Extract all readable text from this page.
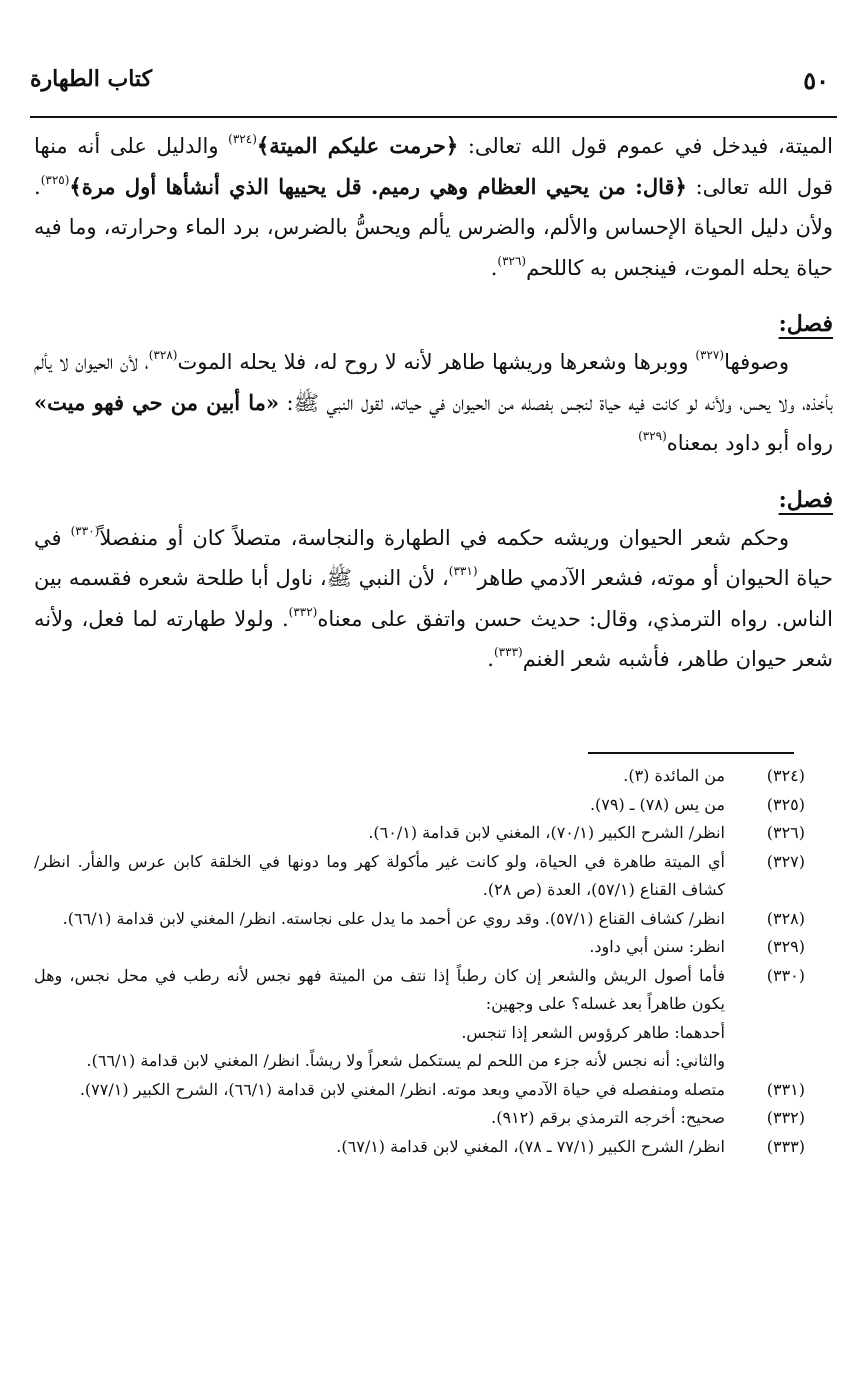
كتاب الطهارة	٥٠

الميتة، فيدخل في عموم قول الله تعالى: ﴿حرمت عليكم الميتة﴾$^{(٣٢٤)}$ والدليل على أنه منها قول الله تعالى: ﴿قال: من يحيي العظام وهي رميم. قل يحييها الذي أنشأها أول مرة﴾$^{(٣٢٥)}$. ولأن دليل الحياة الإحساس والألم، والضرس يألم ويحسُّ بالضرس، برد الماء وحرارته، وما فيه حياة يحله الموت، فينجس به كاللحم$^{(٣٢٦)}$.

فصل:

وصوفها$^{(٣٢٧)}$ ووبرها وشعرها وريشها طاهر لأنه لا روح له، فلا يحله الموت$^{(٣٢٨)}$، لأن الحيوان لا يألم بأخذه، ولا يحس، ولأنه لو كانت فيه حياة لنجس بفصله من الحيوان في حياته، لقول النبي ﷺ: «ما أبين من حي فهو ميت» رواه أبو داود بمعناه$^{(٣٢٩)}$

فصل:

وحكم شعر الحيوان وريشه حكمه في الطهارة والنجاسة، متصلاً كان أو منفصلاً$^{(٣٣٠)}$ في حياة الحيوان أو موته، فشعر الآدمي طاهر$^{(٣٣١)}$، لأن النبي ﷺ، ناول أبا طلحة شعره فقسمه بين الناس. رواه الترمذي، وقال: حديث حسن واتفق على معناه$^{(٣٣٢)}$. ولولا طهارته لما فعل، ولأنه شعر حيوان طاهر، فأشبه شعر الغنم$^{(٣٣٣)}$.

(٣٢٤)

من المائدة (٣).

(٣٢٥)

من يس (٧٨) ـ (٧٩).

(٣٢٦)

انظر/ الشرح الكبير (٧٠/١)، المغني لابن قدامة (٦٠/١).

(٣٢٧)

أي الميتة طاهرة في الحياة، ولو كانت غير مأكولة كهر وما دونها في الخلقة كابن عرس والفأر. انظر/ كشاف القناع (٥٧/١)، العدة (ص ٢٨).

(٣٢٨)

انظر/ كشاف القناع (٥٧/١). وقد روي عن أحمد ما يدل على نجاسته. انظر/ المغني لابن قدامة (٦٦/١).

(٣٢٩)

انظر: سنن أبي داود.

(٣٣٠)

فأما أصول الريش والشعر إن كان رطباً إذا نتف من الميتة فهو نجس لأنه رطب في محل نجس، وهل يكون طاهراً بعد غسله؟ على وجهين:

أحدهما: طاهر كرؤوس الشعر إذا تنجس.

والثاني: أنه نجس لأنه جزء من اللحم لم يستكمل شعراً ولا ريشاً. انظر/ المغني لابن قدامة (٦٦/١).

(٣٣١)

متصله ومنفصله في حياة الآدمي وبعد موته. انظر/ المغني لابن قدامة (٦٦/١)، الشرح الكبير (٧٧/١).

(٣٣٢)

صحيح: أخرجه الترمذي برقم (٩١٢).

(٣٣٣)

انظر/ الشرح الكبير (٧٧/١ ـ ٧٨)، المغني لابن قدامة (٦٧/١).
